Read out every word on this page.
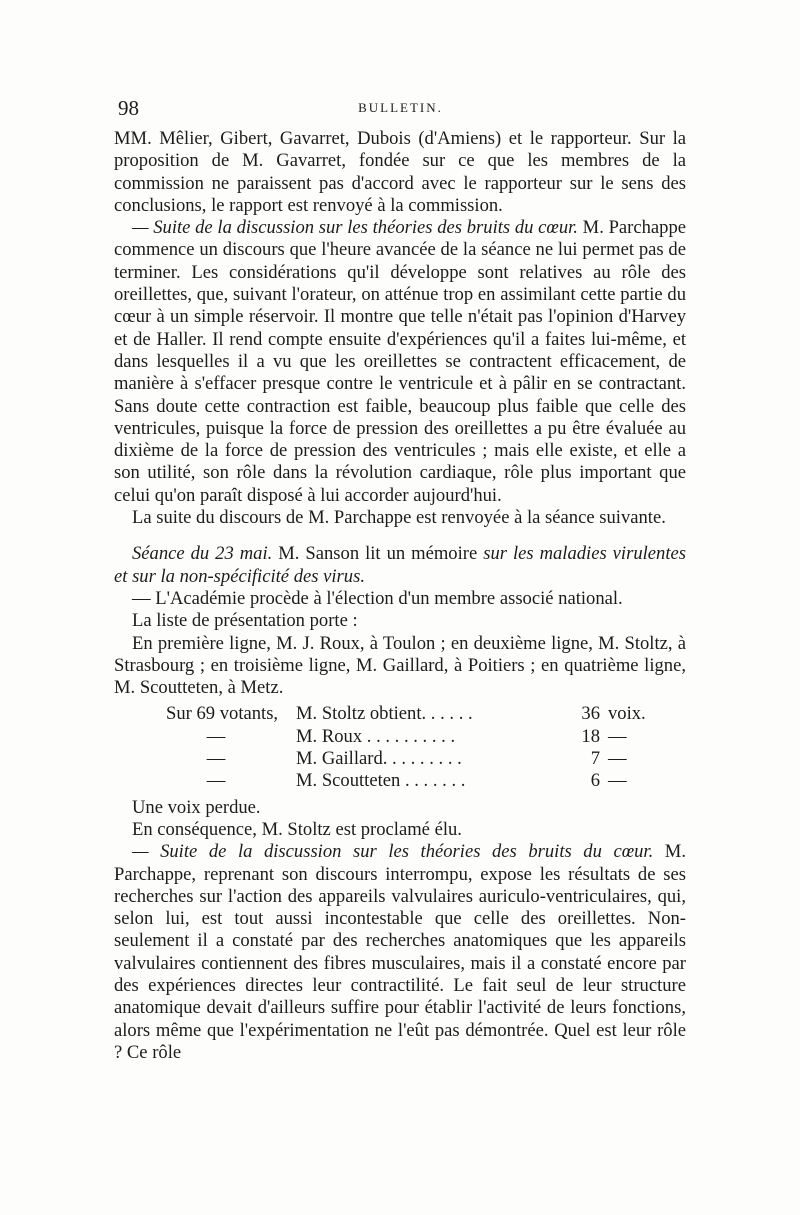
98	BULLETIN.

MM. Mêlier, Gibert, Gavarret, Dubois (d'Amiens) et le rapporteur. Sur la proposition de M. Gavarret, fondée sur ce que les membres de la commission ne paraissent pas d'accord avec le rapporteur sur le sens des conclusions, le rapport est renvoyé à la commission.

— Suite de la discussion sur les théories des bruits du cœur. M. Parchappe commence un discours que l'heure avancée de la séance ne lui permet pas de terminer. Les considérations qu'il développe sont relatives au rôle des oreillettes, que, suivant l'orateur, on atténue trop en assimilant cette partie du cœur à un simple réservoir. Il montre que telle n'était pas l'opinion d'Harvey et de Haller. Il rend compte ensuite d'expériences qu'il a faites lui-même, et dans lesquelles il a vu que les oreillettes se contractent efficacement, de manière à s'effacer presque contre le ventricule et à pâlir en se contractant. Sans doute cette contraction est faible, beaucoup plus faible que celle des ventricules, puisque la force de pression des oreillettes a pu être évaluée au dixième de la force de pression des ventricules ; mais elle existe, et elle a son utilité, son rôle dans la révolution cardiaque, rôle plus important que celui qu'on paraît disposé à lui accorder aujourd'hui.

La suite du discours de M. Parchappe est renvoyée à la séance suivante.

Séance du 23 mai. M. Sanson lit un mémoire sur les maladies virulentes et sur la non-spécificité des virus.

— L'Académie procède à l'élection d'un membre associé national.

La liste de présentation porte :

En première ligne, M. J. Roux, à Toulon ; en deuxième ligne, M. Stoltz, à Strasbourg ; en troisième ligne, M. Gaillard, à Poitiers ; en quatrième ligne, M. Scoutteten, à Metz.

Sur 69 votants, M. Stoltz obtient. . . . . .	36 voix.
—	M. Roux . . . . . . . . . .	18 —
—	M. Gaillard. . . . . . . . .	7 —
—	M. Scoutteten . . . . . . .	6 —

Une voix perdue.

En conséquence, M. Stoltz est proclamé élu.

— Suite de la discussion sur les théories des bruits du cœur. M. Parchappe, reprenant son discours interrompu, expose les résultats de ses recherches sur l'action des appareils valvulaires auriculo-ventriculaires, qui, selon lui, est tout aussi incontestable que celle des oreillettes. Non-seulement il a constaté par des recherches anatomiques que les appareils valvulaires contiennent des fibres musculaires, mais il a constaté encore par des expériences directes leur contractilité. Le fait seul de leur structure anatomique devait d'ailleurs suffire pour établir l'activité de leurs fonctions, alors même que l'expérimentation ne l'eût pas démontrée. Quel est leur rôle ? Ce rôle
